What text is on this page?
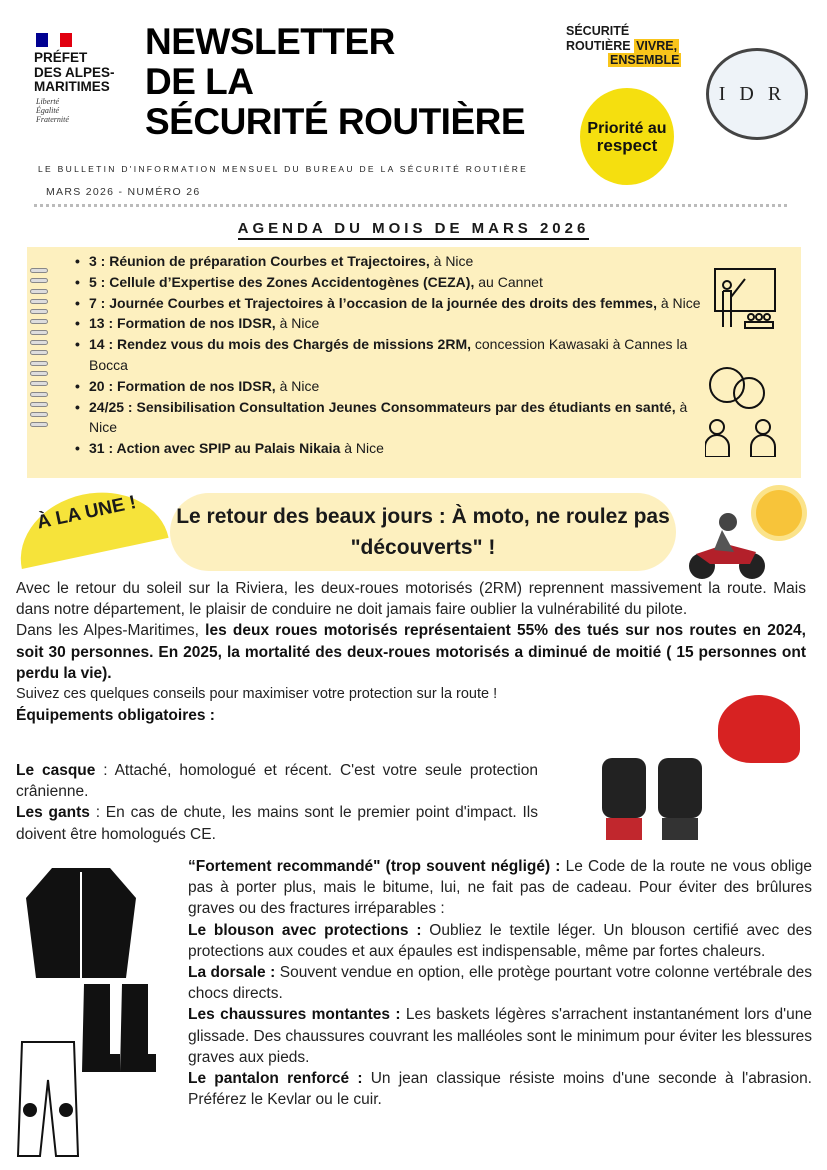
PRÉFET
DES ALPES-
MARITIMES
Liberté
Égalité
Fraternité
NEWSLETTER
DE LA
SÉCURITÉ ROUTIÈRE
LE BULLETIN D'INFORMATION MENSUEL DU BUREAU DE LA SÉCURITÉ ROUTIÈRE
MARS 2026 - NUMÉRO 26
SÉCURITÉ
ROUTIÈRE VIVRE,
ENSEMBLE
Priorité au
respect
IDR
AGENDA DU MOIS DE MARS 2026
• 3 : Réunion de préparation Courbes et Trajectoires, à Nice
• 5 : Cellule d’Expertise des Zones Accidentogènes (CEZA), au Cannet
• 7 : Journée Courbes et Trajectoires à l’occasion de la journée des droits des femmes, à Nice
• 13 : Formation de nos IDSR, à Nice
• 14 : Rendez vous du mois des Chargés de missions 2RM, concession Kawasaki à Cannes la Bocca
• 20 : Formation de nos IDSR, à Nice
• 24/25 : Sensibilisation Consultation Jeunes Consommateurs par des étudiants en santé, à Nice
• 31 : Action avec SPIP au Palais Nikaia à Nice
À LA UNE !	Le retour des beaux jours : À moto, ne roulez pas "découverts" !

Avec le retour du soleil sur la Riviera, les deux-roues motorisés (2RM) reprennent massivement la route. Mais dans notre département, le plaisir de conduire ne doit jamais faire oublier la vulnérabilité du pilote.

Dans les Alpes-Maritimes, les deux roues motorisés représentaient 55% des tués sur nos routes en 2024, soit 30 personnes. En 2025, la mortalité des deux-roues motorisés a diminué de moitié ( 15 personnes ont perdu la vie).

Suivez ces quelques conseils pour maximiser votre protection sur la route !

Équipements obligatoires :

Le casque : Attaché, homologué et récent. C'est votre seule protection crânienne.

Les gants : En cas de chute, les mains sont le premier point d'impact. Ils doivent être homologués CE.

“Fortement recommandé" (trop souvent négligé) : Le Code de la route ne vous oblige pas à porter plus, mais le bitume, lui, ne fait pas de cadeau. Pour éviter des brûlures graves ou des fractures irréparables :

Le blouson avec protections : Oubliez le textile léger. Un blouson certifié avec des protections aux coudes et aux épaules est indispensable, même par fortes chaleurs.

La dorsale : Souvent vendue en option, elle protège pourtant votre colonne vertébrale des chocs directs.

Les chaussures montantes : Les baskets légères s'arrachent instantanément lors d'une glissade. Des chaussures couvrant les malléoles sont le minimum pour éviter les blessures graves aux pieds.

Le pantalon renforcé : Un jean classique résiste moins d'une seconde à l'abrasion. Préférez le Kevlar ou le cuir.
